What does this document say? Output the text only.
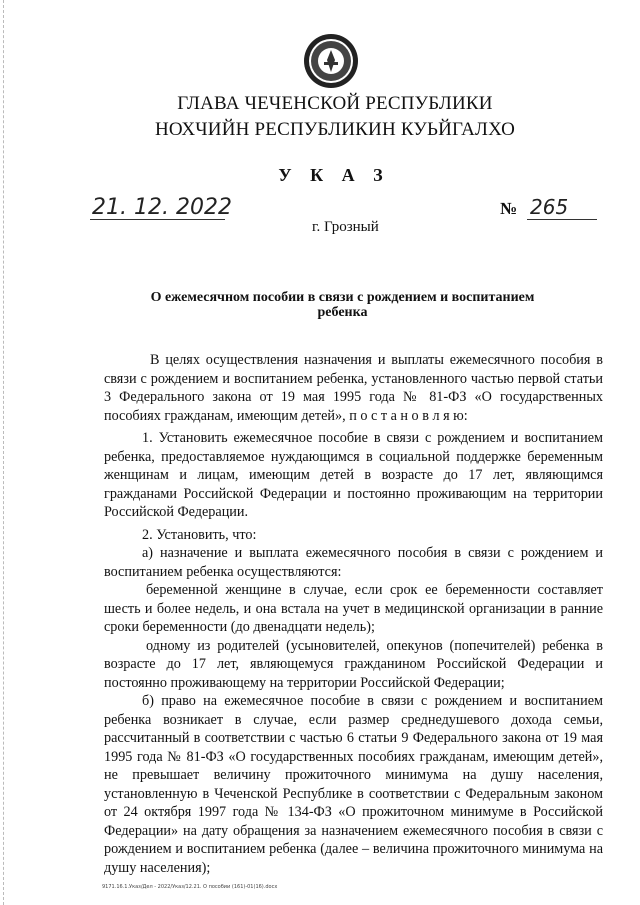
ГЛАВА ЧЕЧЕНСКОЙ РЕСПУБЛИКИ
НОХЧИЙН РЕСПУБЛИКИН КУЬЙГАЛХО
У К А З
21. 12. 2022	№ 265
г. Грозный
О ежемесячном пособии в связи с рождением и воспитанием ребенка

В целях осуществления назначения и выплаты ежемесячного пособия в связи с рождением и воспитанием ребенка, установленного частью первой статьи 3 Федерального закона от 19 мая 1995 года № 81-ФЗ «О государственных пособиях гражданам, имеющим детей», п о с т а н о в л я ю:

1. Установить ежемесячное пособие в связи с рождением и воспитанием ребенка, предоставляемое нуждающимся в социальной поддержке беременным женщинам и лицам, имеющим детей в возрасте до 17 лет, являющимся гражданами Российской Федерации и постоянно проживающим на территории Российской Федерации.

2. Установить, что:

а) назначение и выплата ежемесячного пособия в связи с рождением и воспитанием ребенка осуществляются:

беременной женщине в случае, если срок ее беременности составляет шесть и более недель, и она встала на учет в медицинской организации в ранние сроки беременности (до двенадцати недель);

одному из родителей (усыновителей, опекунов (попечителей) ребенка в возрасте до 17 лет, являющемуся гражданином Российской Федерации и постоянно проживающему на территории Российской Федерации;

б) право на ежемесячное пособие в связи с рождением и воспитанием ребенка возникает в случае, если размер среднедушевого дохода семьи, рассчитанный в соответствии с частью 6 статьи 9 Федерального закона от 19 мая 1995 года № 81-ФЗ «О государственных пособиях гражданам, имеющим детей», не превышает величину прожиточного минимума на душу населения, установленную в Чеченской Республике в соответствии с Федеральным законом от 24 октября 1997 года № 134-ФЗ «О прожиточном минимуме в Российской Федерации» на дату обращения за назначением ежемесячного пособия в связи с рождением и воспитанием ребенка (далее – величина прожиточного минимума на душу населения);

9171.16.1.Указ/Дел - 2022/Указ/12.21. О пособии (161)-01(16).docx
